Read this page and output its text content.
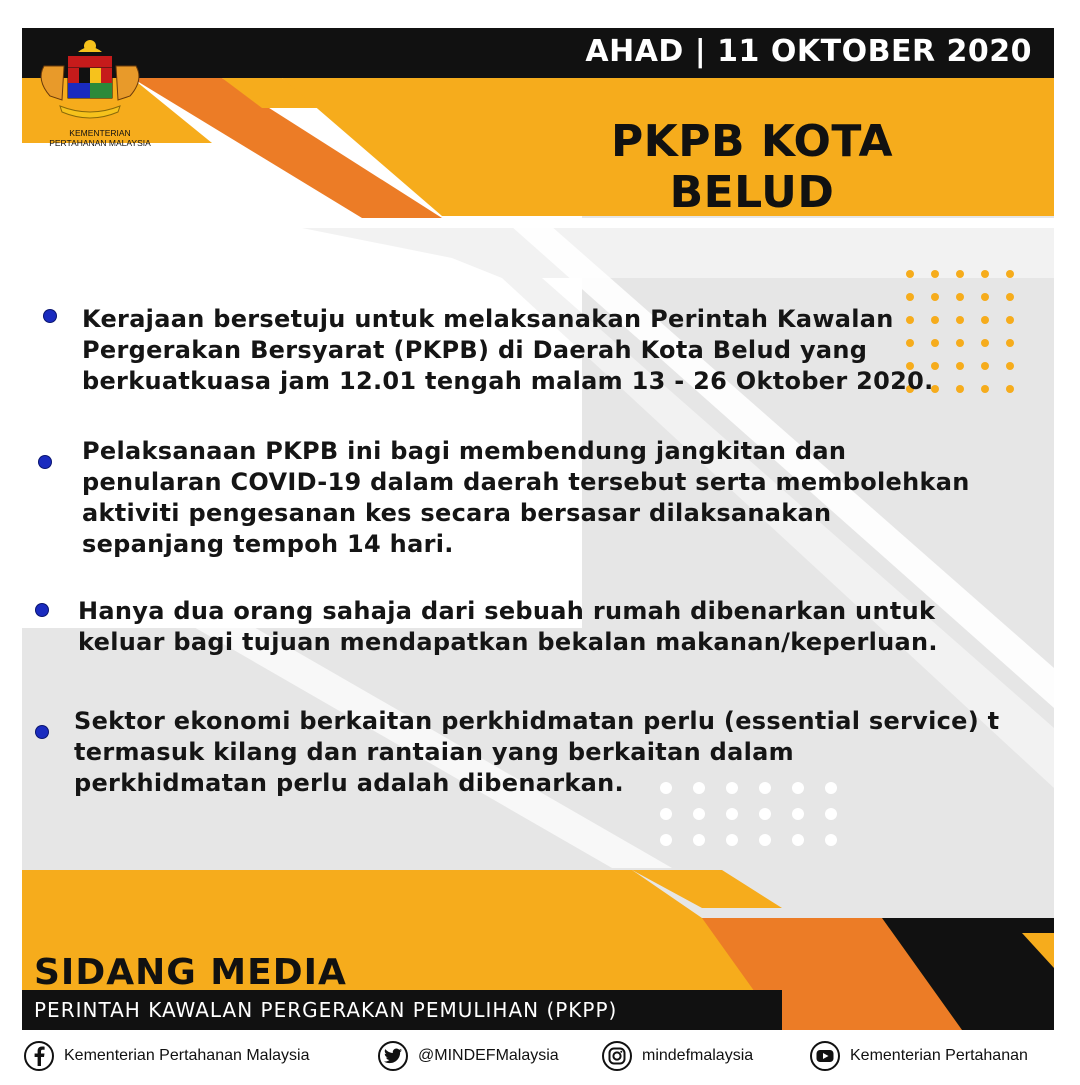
AHAD | 11 OKTOBER 2020
PKPB KOTA BELUD
KEMENTERIAN
PERTAHANAN MALAYSIA
Kerajaan bersetuju untuk melaksanakan Perintah Kawalan
Pergerakan Bersyarat (PKPB) di Daerah Kota Belud yang
berkuatkuasa jam 12.01 tengah malam 13 - 26 Oktober 2020.
Pelaksanaan PKPB ini bagi membendung jangkitan dan
penularan COVID-19 dalam daerah tersebut serta membolehkan
aktiviti pengesanan kes secara bersasar dilaksanakan
sepanjang tempoh 14 hari.
Hanya dua orang sahaja dari sebuah rumah dibenarkan untuk
keluar bagi tujuan mendapatkan bekalan makanan/keperluan.
Sektor ekonomi berkaitan perkhidmatan perlu (essential service) t
termasuk kilang dan rantaian yang berkaitan dalam
perkhidmatan perlu adalah dibenarkan.
SIDANG MEDIA
PERINTAH KAWALAN PERGERAKAN PEMULIHAN (PKPP)
Kementerian Pertahanan Malaysia	@MINDEFMalaysia	mindefmalaysia	Kementerian Pertahanan
